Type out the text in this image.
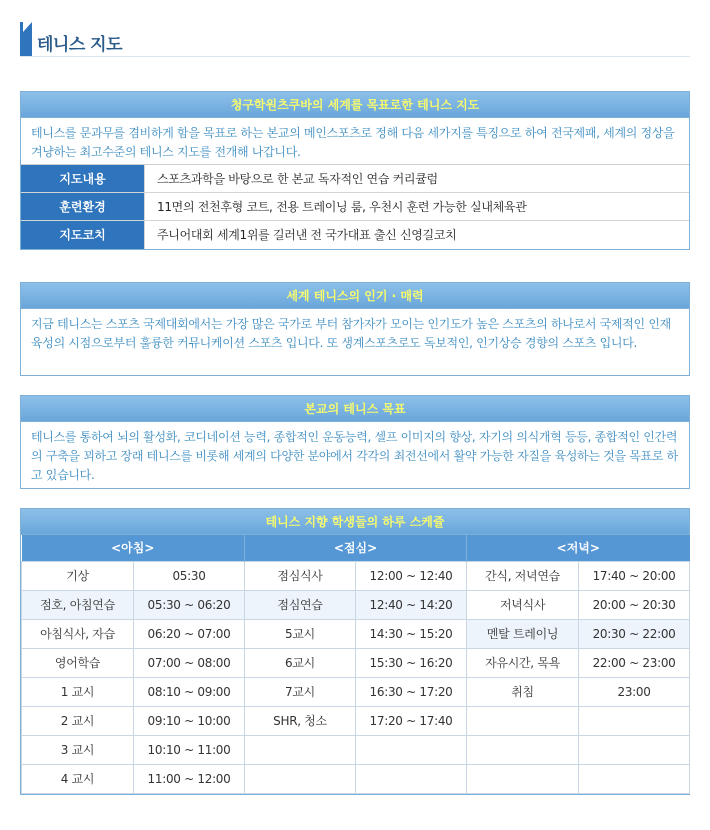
테니스 지도
청구학원츠쿠바의 세계를 목표로한 테니스 지도
테니스를 문과무를 겸비하게 함을 목표로 하는 본교의 메인스포츠로 정해 다음 세가지를 특징으로 하여 전국제패, 세계의 정상을 겨냥하는 최고수준의 테니스 지도를 전개해 나갑니다.
지도내용	스포츠과학을 바탕으로 한 본교 독자적인 연습 커리큘럼
훈련환경	11면의 전천후형 코트, 전용 트레이닝 룸, 우천시 훈련 가능한 실내체육관
지도코치	주니어대회 세계1위를 길러낸 전 국가대표 출신 신영길코치
세계 테니스의 인기 · 매력
지금 테니스는 스포츠 국제대회에서는 가장 많은 국가로 부터 참가자가 모이는 인기도가 높은 스포츠의 하나로서 국제적인 인재육성의 시점으로부터 훌륭한 커뮤니케이션 스포츠 입니다. 또 생계스포츠로도 독보적인, 인기상승 경향의 스포츠 입니다.
본교의 테니스 목표
테니스를 통하여 뇌의 활성화, 코디네이션 능력, 종합적인 운동능력, 셀프 이미지의 향상, 자기의 의식개혁 등등, 종합적인 인간력의 구축을 꾀하고 장래 테니스를 비롯해 세계의 다양한 분야에서 각각의 최전선에서 활약 가능한 자질을 육성하는 것을 목표로 하고 있습니다.
테니스 지향 학생들의 하루 스케쥴
<아침>		<점심>		<저녁>	
기상	05:30	점심식사	12:00 ~ 12:40	간식, 저녁연습	17:40 ~ 20:00
점호, 아침연습	05:30 ~ 06:20	점심연습	12:40 ~ 14:20	저녁식사	20:00 ~ 20:30
아침식사, 자습	06:20 ~ 07:00	5교시	14:30 ~ 15:20	멘탈 트레이닝	20:30 ~ 22:00
영어학습	07:00 ~ 08:00	6교시	15:30 ~ 16:20	자유시간, 목욕	22:00 ~ 23:00
1 교시	08:10 ~ 09:00	7교시	16:30 ~ 17:20	취침	23:00
2 교시	09:10 ~ 10:00	SHR, 청소	17:20 ~ 17:40		
3 교시	10:10 ~ 11:00				
4 교시	11:00 ~ 12:00				
